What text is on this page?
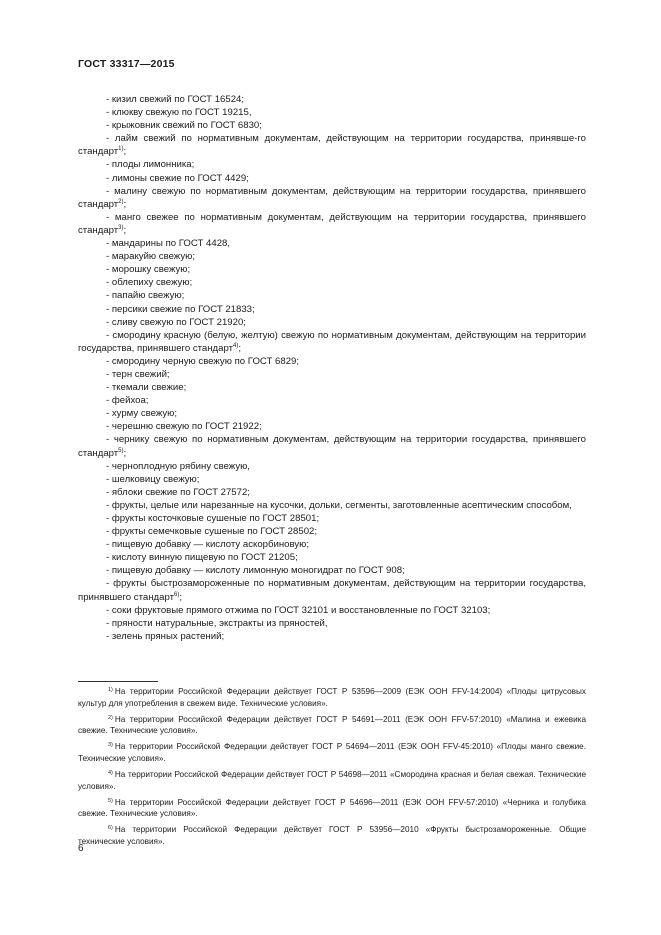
ГОСТ 33317—2015

- кизил свежий по ГОСТ 16524;

- клюкву свежую по ГОСТ 19215,

- крыжовник свежий по ГОСТ 6830;

- лайм свежий по нормативным документам, действующим на территории государства, принявше-го стандарт$^{1)}$;

- плоды лимонника;

- лимоны свежие по ГОСТ 4429;

- малину свежую по нормативным документам, действующим на территории государства, принявшего стандарт$^{2)}$;

- манго свежее по нормативным документам, действующим на территории государства, принявшего стандарт$^{3)}$;

- мандарины по ГОСТ 4428,

- маракуйю свежую;

- морошку свежую;

- облепиху свежую;

- папайю свежую;

- персики свежие по ГОСТ 21833;

- сливу свежую по ГОСТ 21920;

- смородину красную (белую, желтую) свежую по нормативным документам, действующим на территории государства, принявшего стандарт$^{4)}$;

- смородину черную свежую по ГОСТ 6829;

- терн свежий;

- ткемали свежие;

- фейхоа;

- хурму свежую;

- черешню свежую по ГОСТ 21922;

- чернику свежую по нормативным документам, действующим на территории государства, принявшего стандарт$^{5)}$;

- черноплодную рябину свежую,

- шелковицу свежую;

- яблоки свежие по ГОСТ 27572;

- фрукты, целые или нарезанные на кусочки, дольки, сегменты, заготовленные асептическим способом,

- фрукты косточковые сушеные по ГОСТ 28501;

- фрукты семечковые сушеные по ГОСТ 28502;

- пищевую добавку — кислоту аскорбиновую;

- кислоту винную пищевую по ГОСТ 21205;

- пищевую добавку — кислоту лимонную моногидрат по ГОСТ 908;

- фрукты быстрозамороженные по нормативным документам, действующим на территории государства, принявшего стандарт$^{6)}$;

- соки фруктовые прямого отжима по ГОСТ 32101 и восстановленные по ГОСТ 32103;

- пряности натуральные, экстракты из пряностей,

- зелень пряных растений;

$^{1)}$ На территории Российской Федерации действует ГОСТ Р 53596—2009 (ЕЭК ООН FFV-14:2004) «Плоды цитрусовых культур для употребления в свежем виде. Технические условия».

$^{2)}$ На территории Российской Федерации действует ГОСТ Р 54691—2011 (ЕЭК ООН FFV-57:2010) «Малина и ежевика свежие. Технические условия».

$^{3)}$ На территории Российской Федерации действует ГОСТ Р 54694—2011 (ЕЭК ООН FFV-45:2010) «Плоды манго свежие. Технические условия».

$^{4)}$ На территории Российской Федерации действует ГОСТ Р 54698—2011 «Смородина красная и белая свежая. Технические условия».

$^{5)}$ На территории Российской Федерации действует ГОСТ Р 54696—2011 (ЕЭК ООН FFV-57:2010) «Черника и голубика свежие. Технические условия».

$^{6)}$ На территории Российской Федерации действует ГОСТ Р 53956—2010 «Фрукты быстрозамороженные. Общие технические условия».

6
